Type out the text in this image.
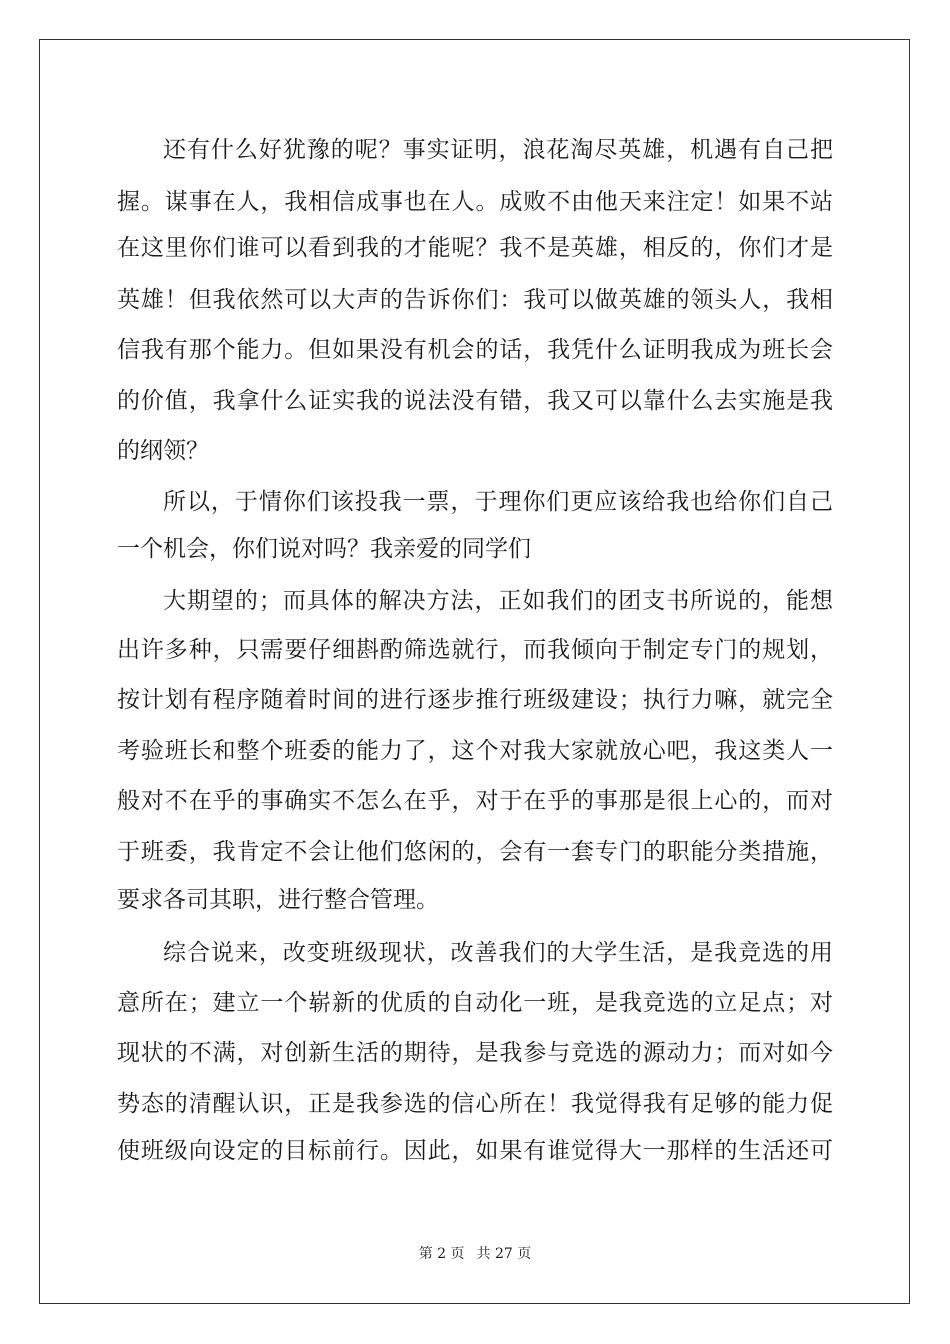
还有什么好犹豫的呢？事实证明，浪花淘尽英雄，机遇有自己把
握。谋事在人，我相信成事也在人。成败不由他天来注定！如果不站
在这里你们谁可以看到我的才能呢？我不是英雄，相反的，你们才是
英雄！但我依然可以大声的告诉你们：我可以做英雄的领头人，我相
信我有那个能力。但如果没有机会的话，我凭什么证明我成为班长会
的价值，我拿什么证实我的说法没有错，我又可以靠什么去实施是我
的纲领？
所以，于情你们该投我一票，于理你们更应该给我也给你们自己
一个机会，你们说对吗？我亲爱的同学们
大期望的；而具体的解决方法，正如我们的团支书所说的，能想
出许多种，只需要仔细斟酌筛选就行，而我倾向于制定专门的规划，
按计划有程序随着时间的进行逐步推行班级建设；执行力嘛，就完全
考验班长和整个班委的能力了，这个对我大家就放心吧，我这类人一
般对不在乎的事确实不怎么在乎，对于在乎的事那是很上心的，而对
于班委，我肯定不会让他们悠闲的，会有一套专门的职能分类措施，
要求各司其职，进行整合管理。
综合说来，改变班级现状，改善我们的大学生活，是我竞选的用
意所在；建立一个崭新的优质的自动化一班，是我竞选的立足点；对
现状的不满，对创新生活的期待，是我参与竞选的源动力；而对如今
势态的清醒认识，正是我参选的信心所在！我觉得我有足够的能力促
使班级向设定的目标前行。因此，如果有谁觉得大一那样的生活还可
第 2 页 共 27 页
